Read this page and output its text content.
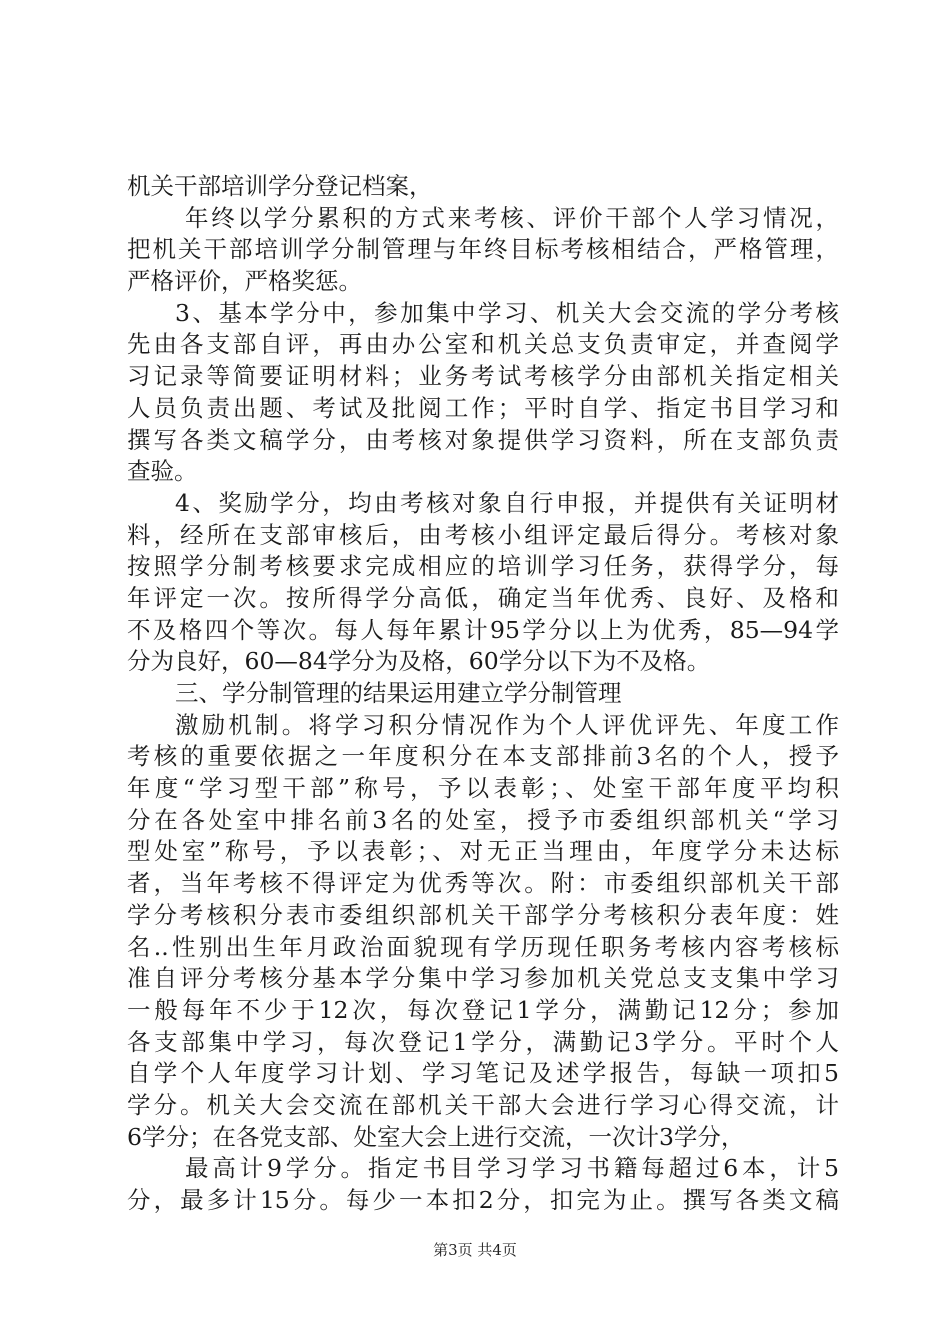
机关干部培训学分登记档案，
年终以学分累积的方式来考核、评价干部个人学习情况，
把机关干部培训学分制管理与年终目标考核相结合，严格管理，
严格评价，严格奖惩。
3、基本学分中，参加集中学习、机关大会交流的学分考核
先由各支部自评，再由办公室和机关总支负责审定，并查阅学
习记录等简要证明材料；业务考试考核学分由部机关指定相关
人员负责出题、考试及批阅工作；平时自学、指定书目学习和
撰写各类文稿学分，由考核对象提供学习资料，所在支部负责
查验。
4、奖励学分，均由考核对象自行申报，并提供有关证明材
料，经所在支部审核后，由考核小组评定最后得分。考核对象
按照学分制考核要求完成相应的培训学习任务，获得学分，每
年评定一次。按所得学分高低，确定当年优秀、良好、及格和
不及格四个等次。每人每年累计95学分以上为优秀，85—94学
分为良好，60—84学分为及格，60学分以下为不及格。
三、学分制管理的结果运用建立学分制管理
激励机制。将学习积分情况作为个人评优评先、年度工作
考核的重要依据之一年度积分在本支部排前3名的个人，授予
年度“学习型干部”称号，予以表彰；、处室干部年度平均积
分在各处室中排名前3名的处室，授予市委组织部机关“学习
型处室”称号，予以表彰；、对无正当理由，年度学分未达标
者，当年考核不得评定为优秀等次。附：市委组织部机关干部
学分考核积分表市委组织部机关干部学分考核积分表年度：姓
名..性别出生年月政治面貌现有学历现任职务考核内容考核标
准自评分考核分基本学分集中学习参加机关党总支支集中学习
一般每年不少于12次，每次登记1学分，满勤记12分；参加
各支部集中学习，每次登记1学分，满勤记3学分。平时个人
自学个人年度学习计划、学习笔记及述学报告，每缺一项扣5
学分。机关大会交流在部机关干部大会进行学习心得交流，计
6学分；在各党支部、处室大会上进行交流，一次计3学分，
最高计9学分。指定书目学习学习书籍每超过6本，计5
分，最多计15分。每少一本扣2分，扣完为止。撰写各类文稿
第3页 共4页
